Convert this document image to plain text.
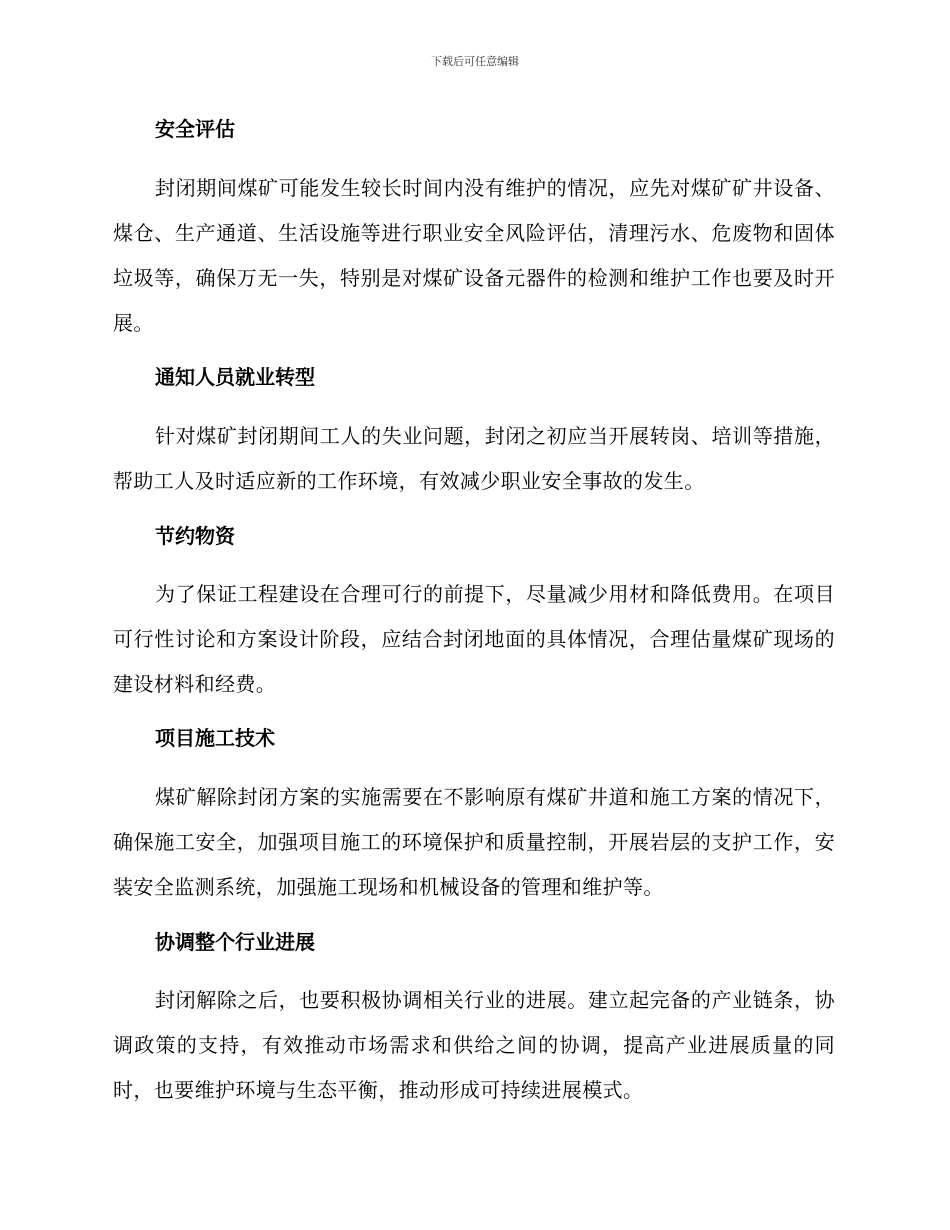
下载后可任意编辑
安全评估

封闭期间煤矿可能发生较长时间内没有维护的情况，应先对煤矿矿井设备、煤仓、生产通道、生活设施等进行职业安全风险评估，清理污水、危废物和固体垃圾等，确保万无一失，特别是对煤矿设备元器件的检测和维护工作也要及时开展。

通知人员就业转型

针对煤矿封闭期间工人的失业问题，封闭之初应当开展转岗、培训等措施，帮助工人及时适应新的工作环境，有效减少职业安全事故的发生。

节约物资

为了保证工程建设在合理可行的前提下，尽量减少用材和降低费用。在项目可行性讨论和方案设计阶段，应结合封闭地面的具体情况，合理估量煤矿现场的建设材料和经费。

项目施工技术

煤矿解除封闭方案的实施需要在不影响原有煤矿井道和施工方案的情况下，确保施工安全，加强项目施工的环境保护和质量控制，开展岩层的支护工作，安装安全监测系统，加强施工现场和机械设备的管理和维护等。

协调整个行业进展

封闭解除之后，也要积极协调相关行业的进展。建立起完备的产业链条，协调政策的支持，有效推动市场需求和供给之间的协调，提高产业进展质量的同时，也要维护环境与生态平衡，推动形成可持续进展模式。
